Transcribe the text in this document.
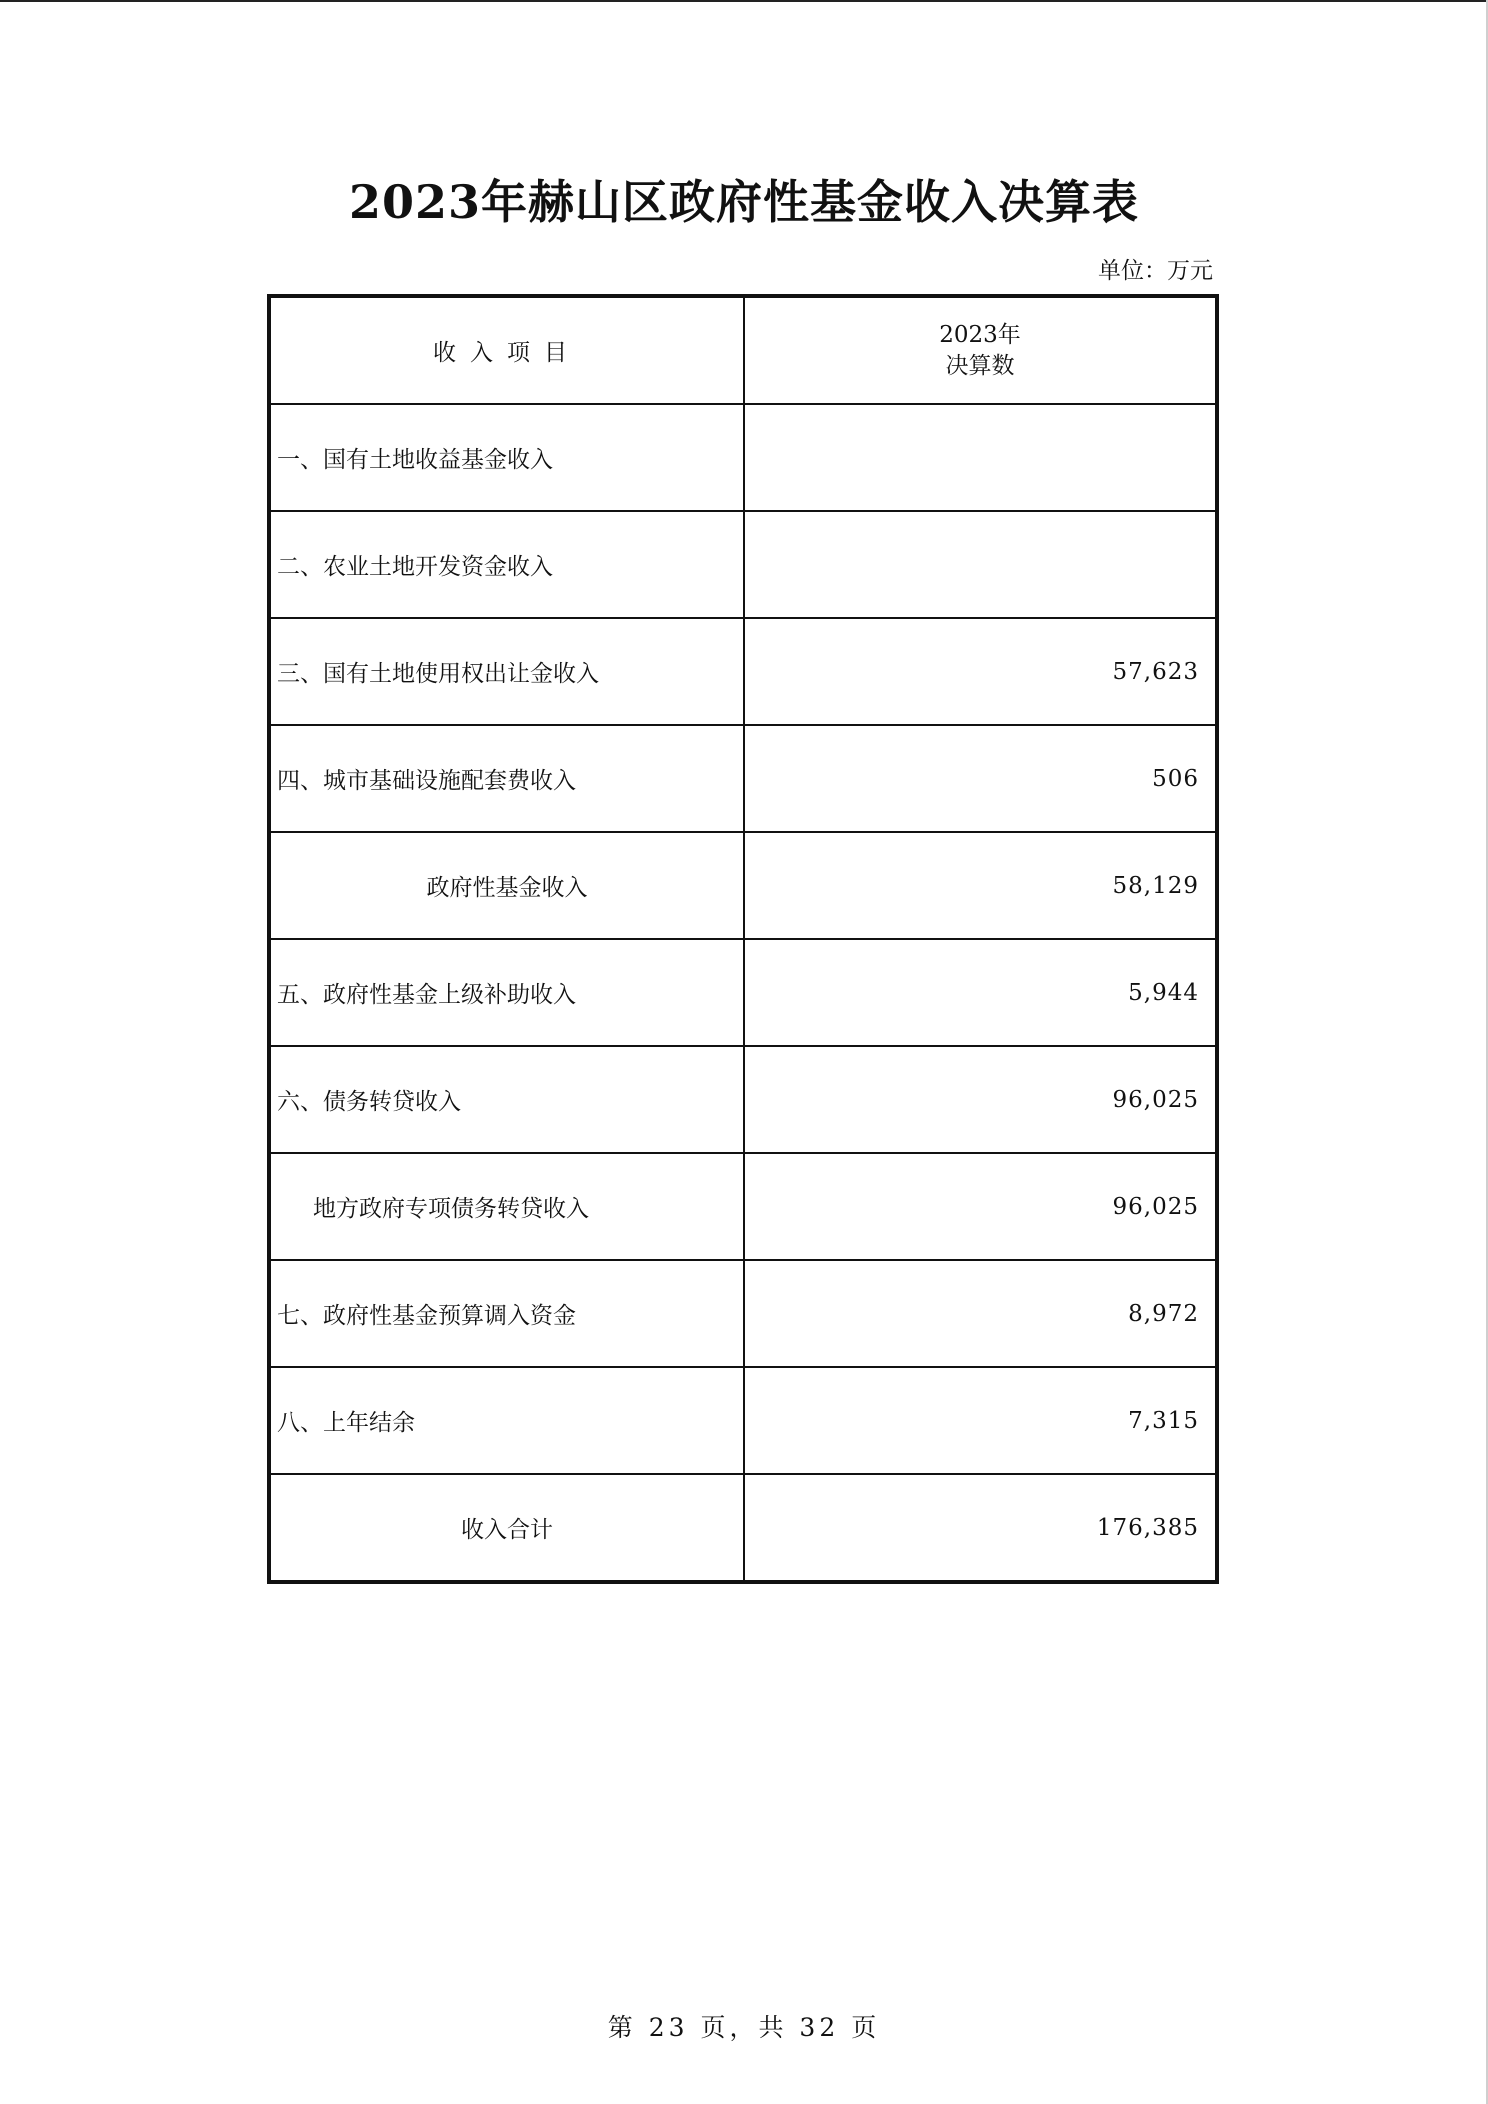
2023年赫山区政府性基金收入决算表
单位：万元
收入项目	2023年
决算数

一、国有土地收益基金收入	
二、农业土地开发资金收入	
三、国有土地使用权出让金收入	57,623
四、城市基础设施配套费收入	506
政府性基金收入	58,129
五、政府性基金上级补助收入	5,944
六、债务转贷收入	96,025
地方政府专项债务转贷收入	96,025
七、政府性基金预算调入资金	8,972
八、上年结余	7,315
收入合计	176,385
第 23 页，共 32 页
